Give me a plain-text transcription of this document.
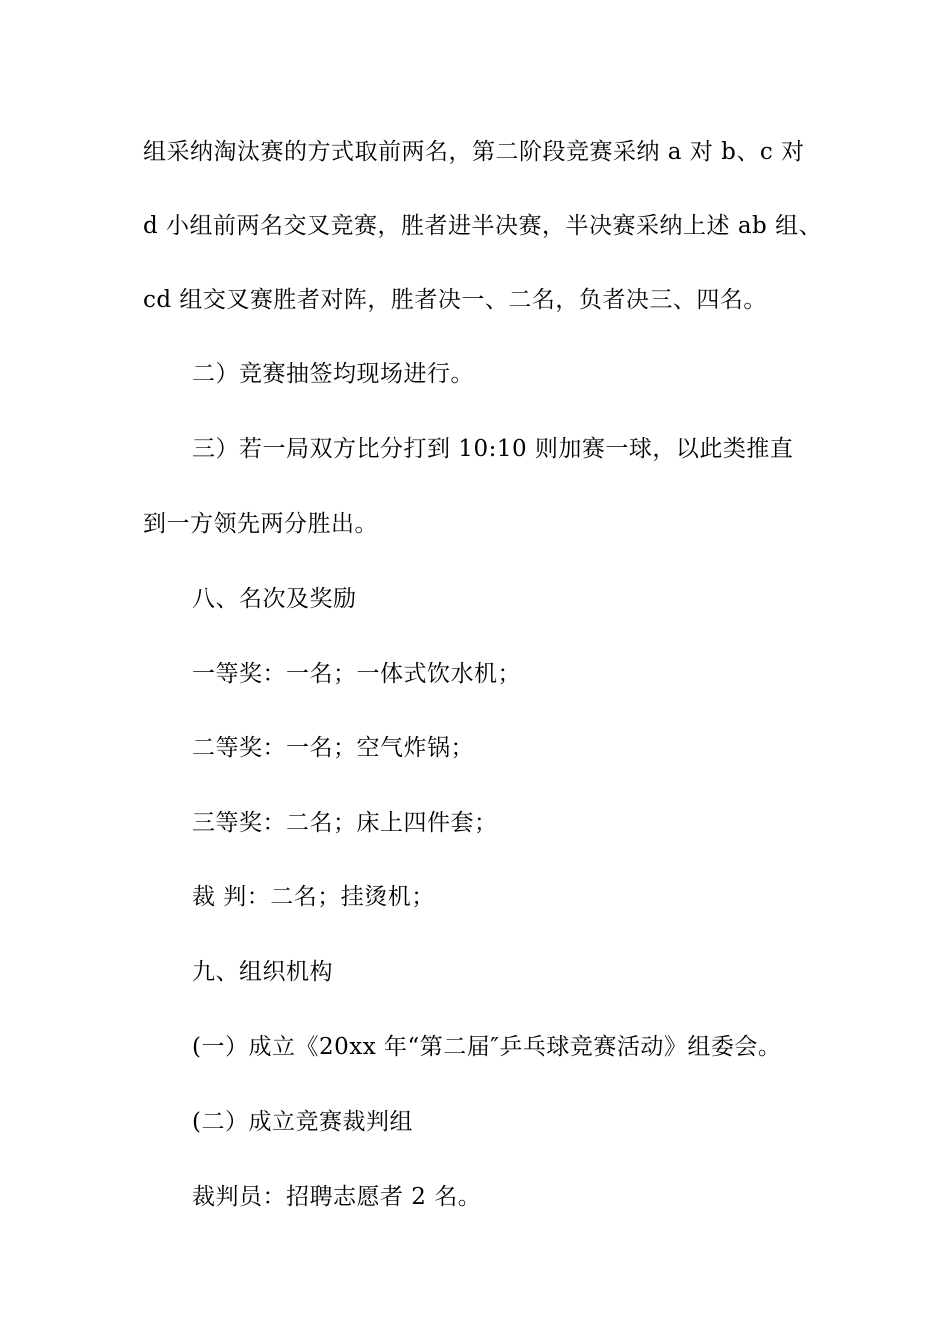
组采纳淘汰赛的方式取前两名，第二阶段竞赛采纳 a 对 b、c 对
d 小组前两名交叉竞赛，胜者进半决赛，半决赛采纳上述 ab 组、
cd 组交叉赛胜者对阵，胜者决一、二名，负者决三、四名。
二）竞赛抽签均现场进行。
三）若一局双方比分打到 10:10 则加赛一球，以此类推直
到一方领先两分胜出。
八、名次及奖励
一等奖：一名；一体式饮水机；
二等奖：一名；空气炸锅；
三等奖：二名；床上四件套；
裁 判：二名；挂烫机；
九、组织机构
(一）成立《20xx 年“第二届″乒乓球竞赛活动》组委会。
(二）成立竞赛裁判组
裁判员：招聘志愿者 2 名。
